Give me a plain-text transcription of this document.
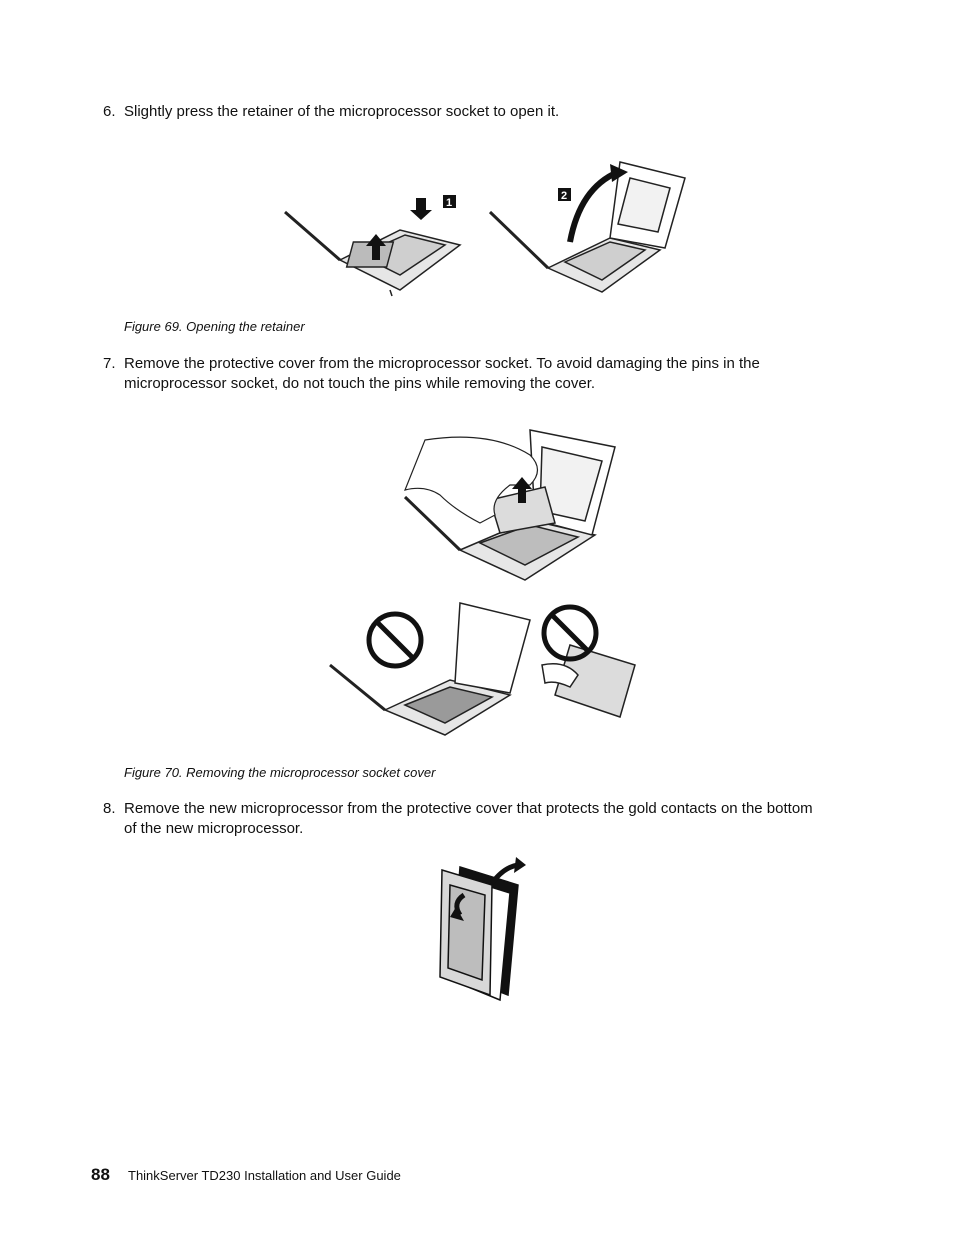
6. Slightly press the retainer of the microprocessor socket to open it.
1
2
Figure 69. Opening the retainer
7. Remove the protective cover from the microprocessor socket. To avoid damaging the pins in the microprocessor socket, do not touch the pins while removing the cover.
Figure 70. Removing the microprocessor socket cover
8. Remove the new microprocessor from the protective cover that protects the gold contacts on the bottom of the new microprocessor.
88 ThinkServer TD230 Installation and User Guide
